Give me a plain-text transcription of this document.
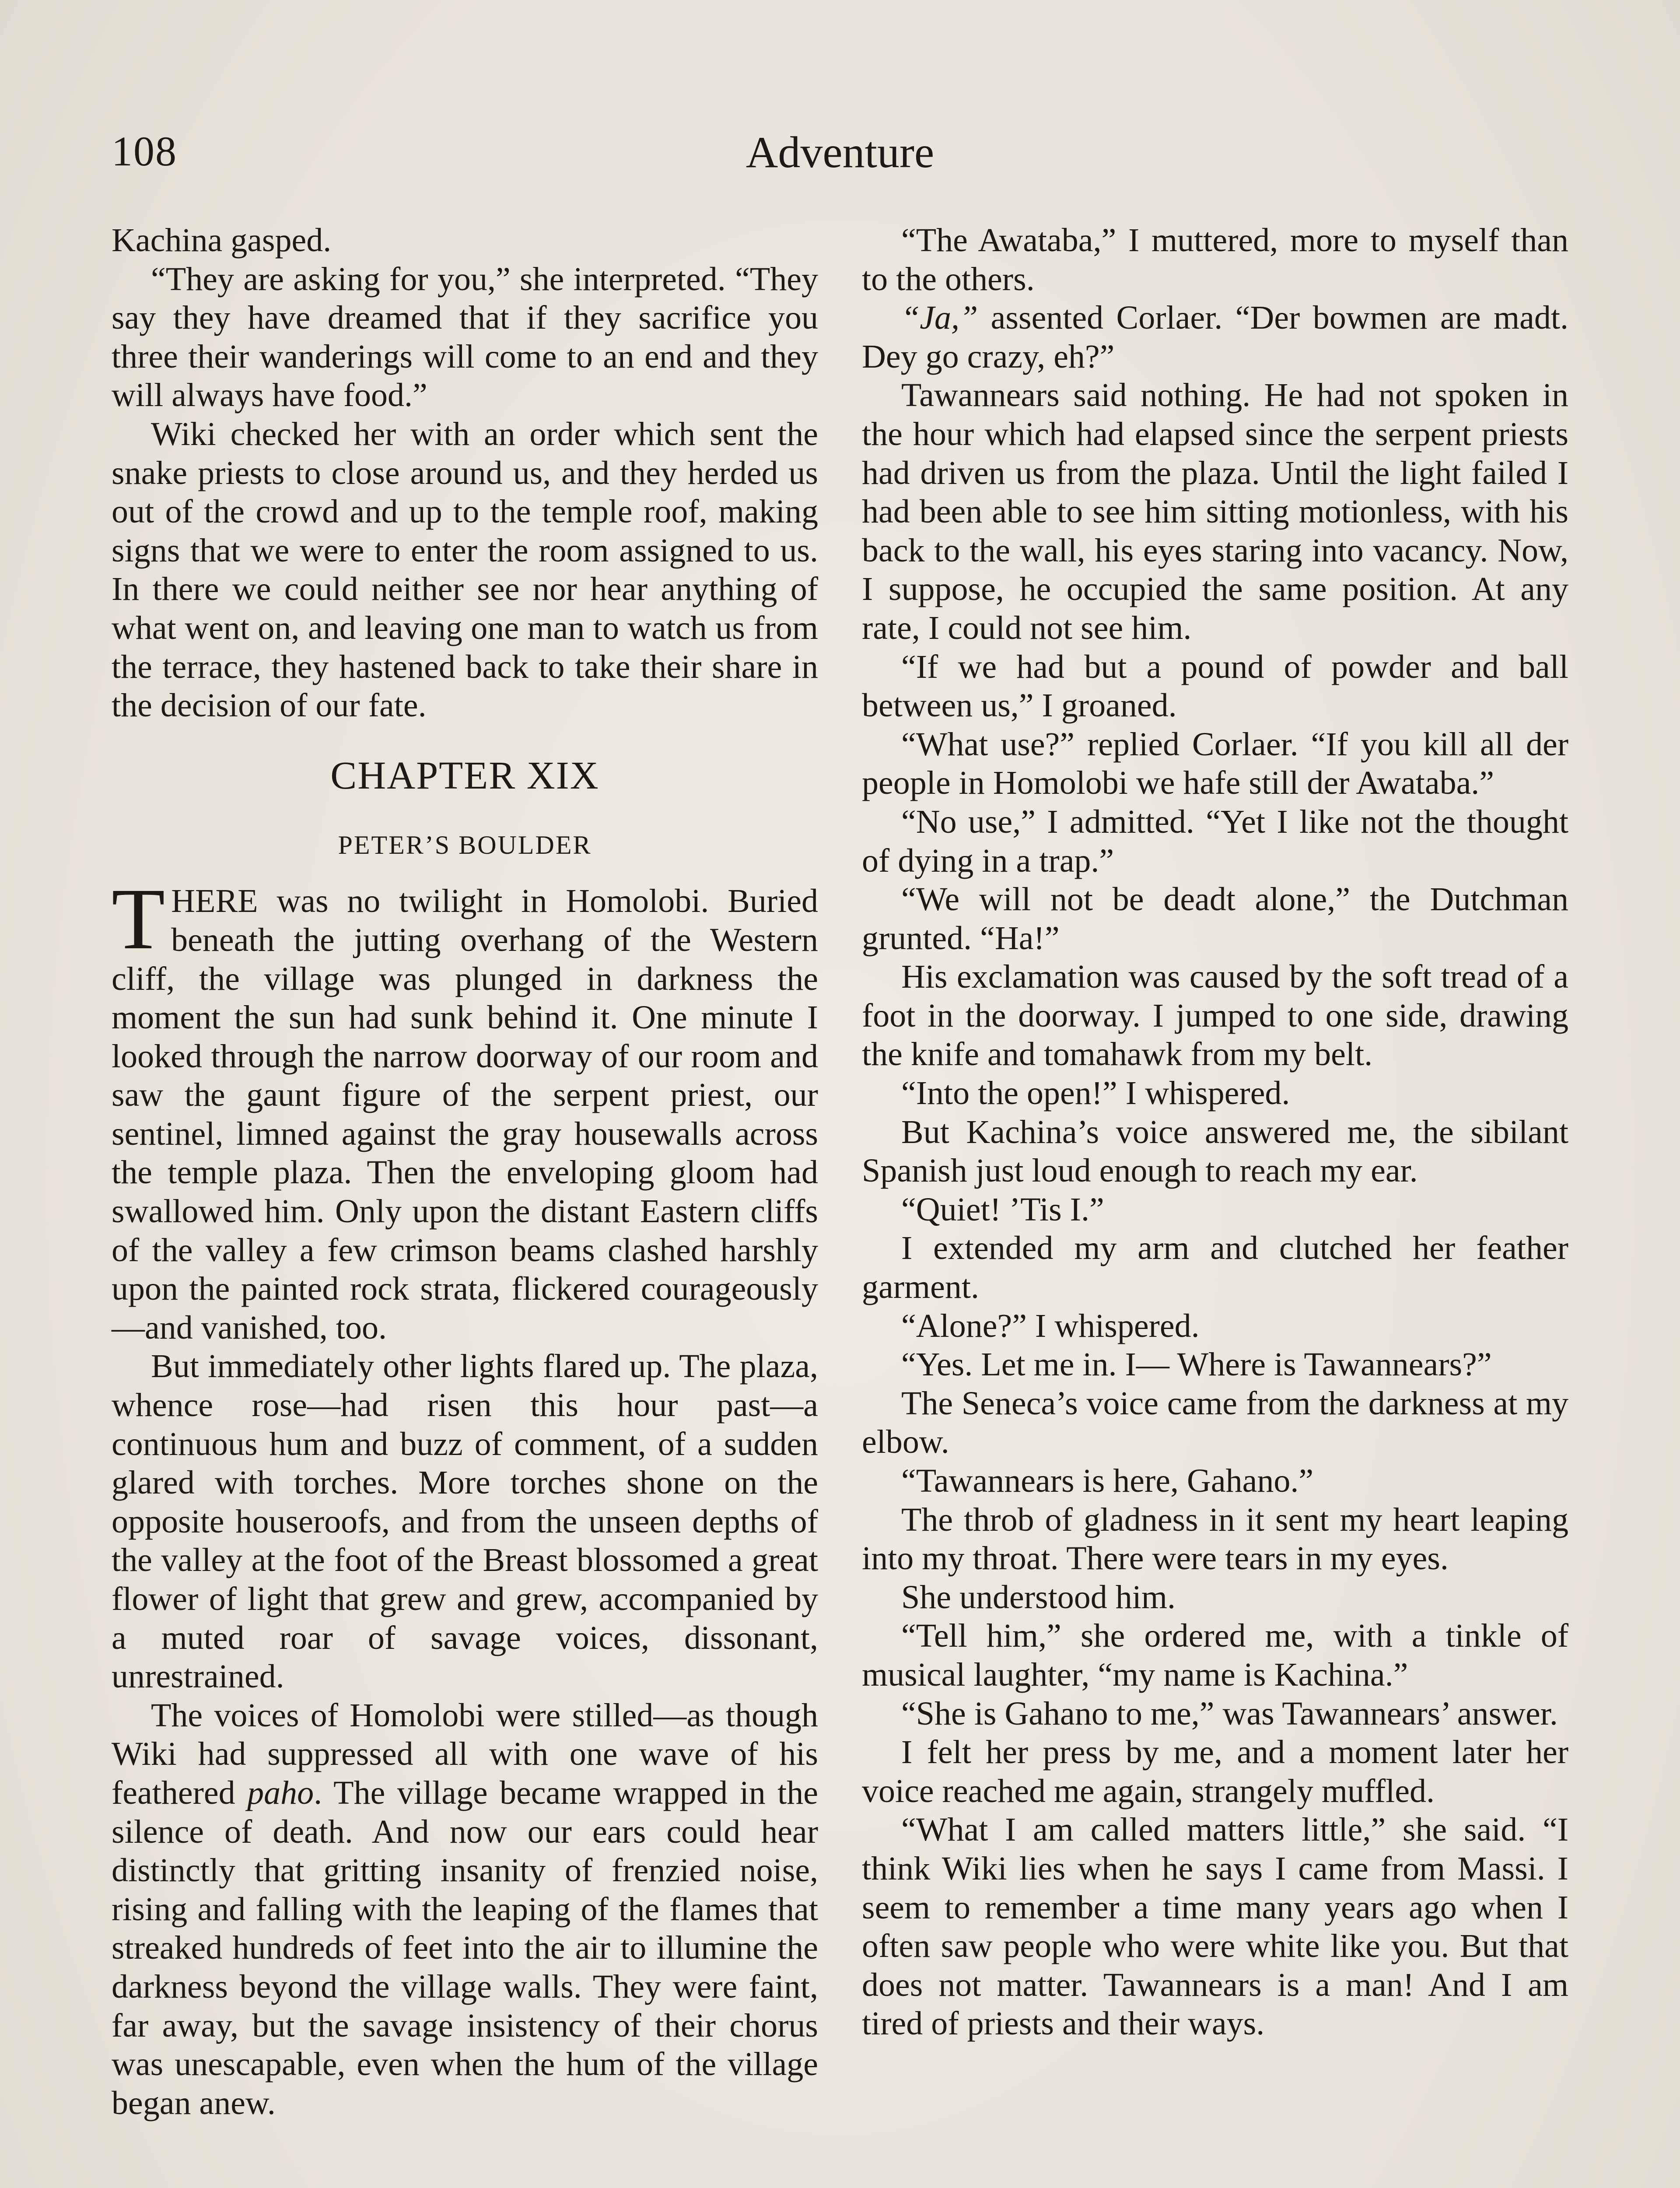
108	Adventure

Kachina gasped.

“They are asking for you,” she interpreted. “They say they have dreamed that if they sacrifice you three their wanderings will come to an end and they will always have food.”

Wiki checked her with an order which sent the snake priests to close around us, and they herded us out of the crowd and up to the temple roof, making signs that we were to enter the room assigned to us. In there we could neither see nor hear anything of what went on, and leaving one man to watch us from the terrace, they hastened back to take their share in the decision of our fate.

CHAPTER XIX
PETER’S BOULDER

THERE was no twilight in Homolobi. Buried beneath the jutting overhang of the Western cliff, the village was plunged in darkness the moment the sun had sunk behind it. One minute I looked through the narrow doorway of our room and saw the gaunt figure of the serpent priest, our sentinel, limned against the gray housewalls across the temple plaza. Then the enveloping gloom had swallowed him. Only upon the distant Eastern cliffs of the valley a few crimson beams clashed harshly upon the painted rock strata, flickered courageously—and vanished, too.

But immediately other lights flared up. The plaza, whence rose—had risen this hour past—a continuous hum and buzz of comment, of a sudden glared with torches. More torches shone on the opposite houseroofs, and from the unseen depths of the valley at the foot of the Breast blossomed a great flower of light that grew and grew, accompanied by a muted roar of savage voices, dissonant, unrestrained.

The voices of Homolobi were stilled—as though Wiki had suppressed all with one wave of his feathered paho. The village became wrapped in the silence of death. And now our ears could hear distinctly that gritting insanity of frenzied noise, rising and falling with the leaping of the flames that streaked hundreds of feet into the air to illumine the darkness beyond the village walls. They were faint, far away, but the savage insistency of their chorus was unescapable, even when the hum of the village began anew.

“The Awataba,” I muttered, more to myself than to the others.

“Ja,” assented Corlaer. “Der bowmen are madt. Dey go crazy, eh?”

Tawannears said nothing. He had not spoken in the hour which had elapsed since the serpent priests had driven us from the plaza. Until the light failed I had been able to see him sitting motionless, with his back to the wall, his eyes staring into vacancy. Now, I suppose, he occupied the same position. At any rate, I could not see him.

“If we had but a pound of powder and ball between us,” I groaned.

“What use?” replied Corlaer. “If you kill all der people in Homolobi we hafe still der Awataba.”

“No use,” I admitted. “Yet I like not the thought of dying in a trap.”

“We will not be deadt alone,” the Dutchman grunted. “Ha!”

His exclamation was caused by the soft tread of a foot in the doorway. I jumped to one side, drawing the knife and tomahawk from my belt.

“Into the open!” I whispered.

But Kachina’s voice answered me, the sibilant Spanish just loud enough to reach my ear.

“Quiet! ’Tis I.”

I extended my arm and clutched her feather garment.

“Alone?” I whispered.

“Yes. Let me in. I— Where is Tawannears?”

The Seneca’s voice came from the darkness at my elbow.

“Tawannears is here, Gahano.”

The throb of gladness in it sent my heart leaping into my throat. There were tears in my eyes.

She understood him.

“Tell him,” she ordered me, with a tinkle of musical laughter, “my name is Kachina.”

“She is Gahano to me,” was Tawannears’ answer.

I felt her press by me, and a moment later her voice reached me again, strangely muffled.

“What I am called matters little,” she said. “I think Wiki lies when he says I came from Massi. I seem to remember a time many years ago when I often saw people who were white like you. But that does not matter. Tawannears is a man! And I am tired of priests and their ways.
